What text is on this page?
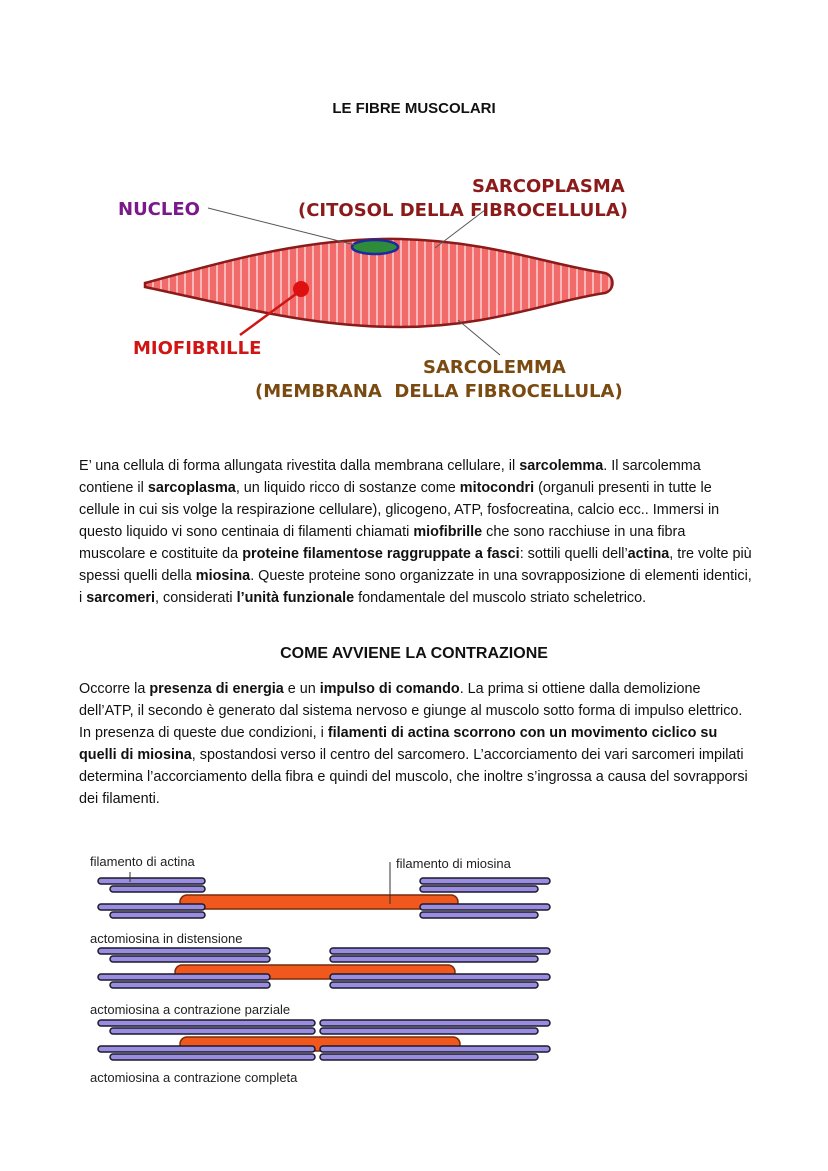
LE FIBRE MUSCOLARI
NUCLEO
SARCOPLASMA
(CITOSOL DELLA FIBROCELLULA)
MIOFIBRILLE
SARCOLEMMA
(MEMBRANA  DELLA FIBROCELLULA)

E’ una cellula di forma allungata rivestita dalla membrana cellulare, il sarcolemma. Il sarcolemma contiene il sarcoplasma, un liquido ricco di sostanze come mitocondri (organuli presenti in tutte le cellule in cui sis volge la respirazione cellulare), glicogeno, ATP, fosfocreatina, calcio ecc.. Immersi in questo liquido vi sono centinaia di filamenti chiamati miofibrille che sono racchiuse in una fibra muscolare e costituite da proteine filamentose raggruppate a fasci: sottili quelli dell’actina, tre volte più spessi quelli della miosina. Queste proteine sono organizzate in una sovrapposizione di elementi identici, i sarcomeri, considerati l’unità funzionale fondamentale del muscolo striato scheletrico.

COME AVVIENE LA CONTRAZIONE

Occorre la presenza di energia e un impulso di comando. La prima si ottiene dalla demolizione dell’ATP, il secondo è generato dal sistema nervoso e giunge al muscolo sotto forma di impulso elettrico. In presenza di queste due condizioni, i filamenti di actina scorrono con un movimento ciclico su quelli di miosina, spostandosi verso il centro del sarcomero. L’accorciamento dei vari sarcomeri impilati determina l’accorciamento della fibra e quindi del muscolo, che inoltre s’ingrossa a causa del sovrapporsi dei filamenti.

filamento di actina	filamento di miosina
actomiosina in distensione
actomiosina a contrazione parziale
actomiosina a contrazione completa
